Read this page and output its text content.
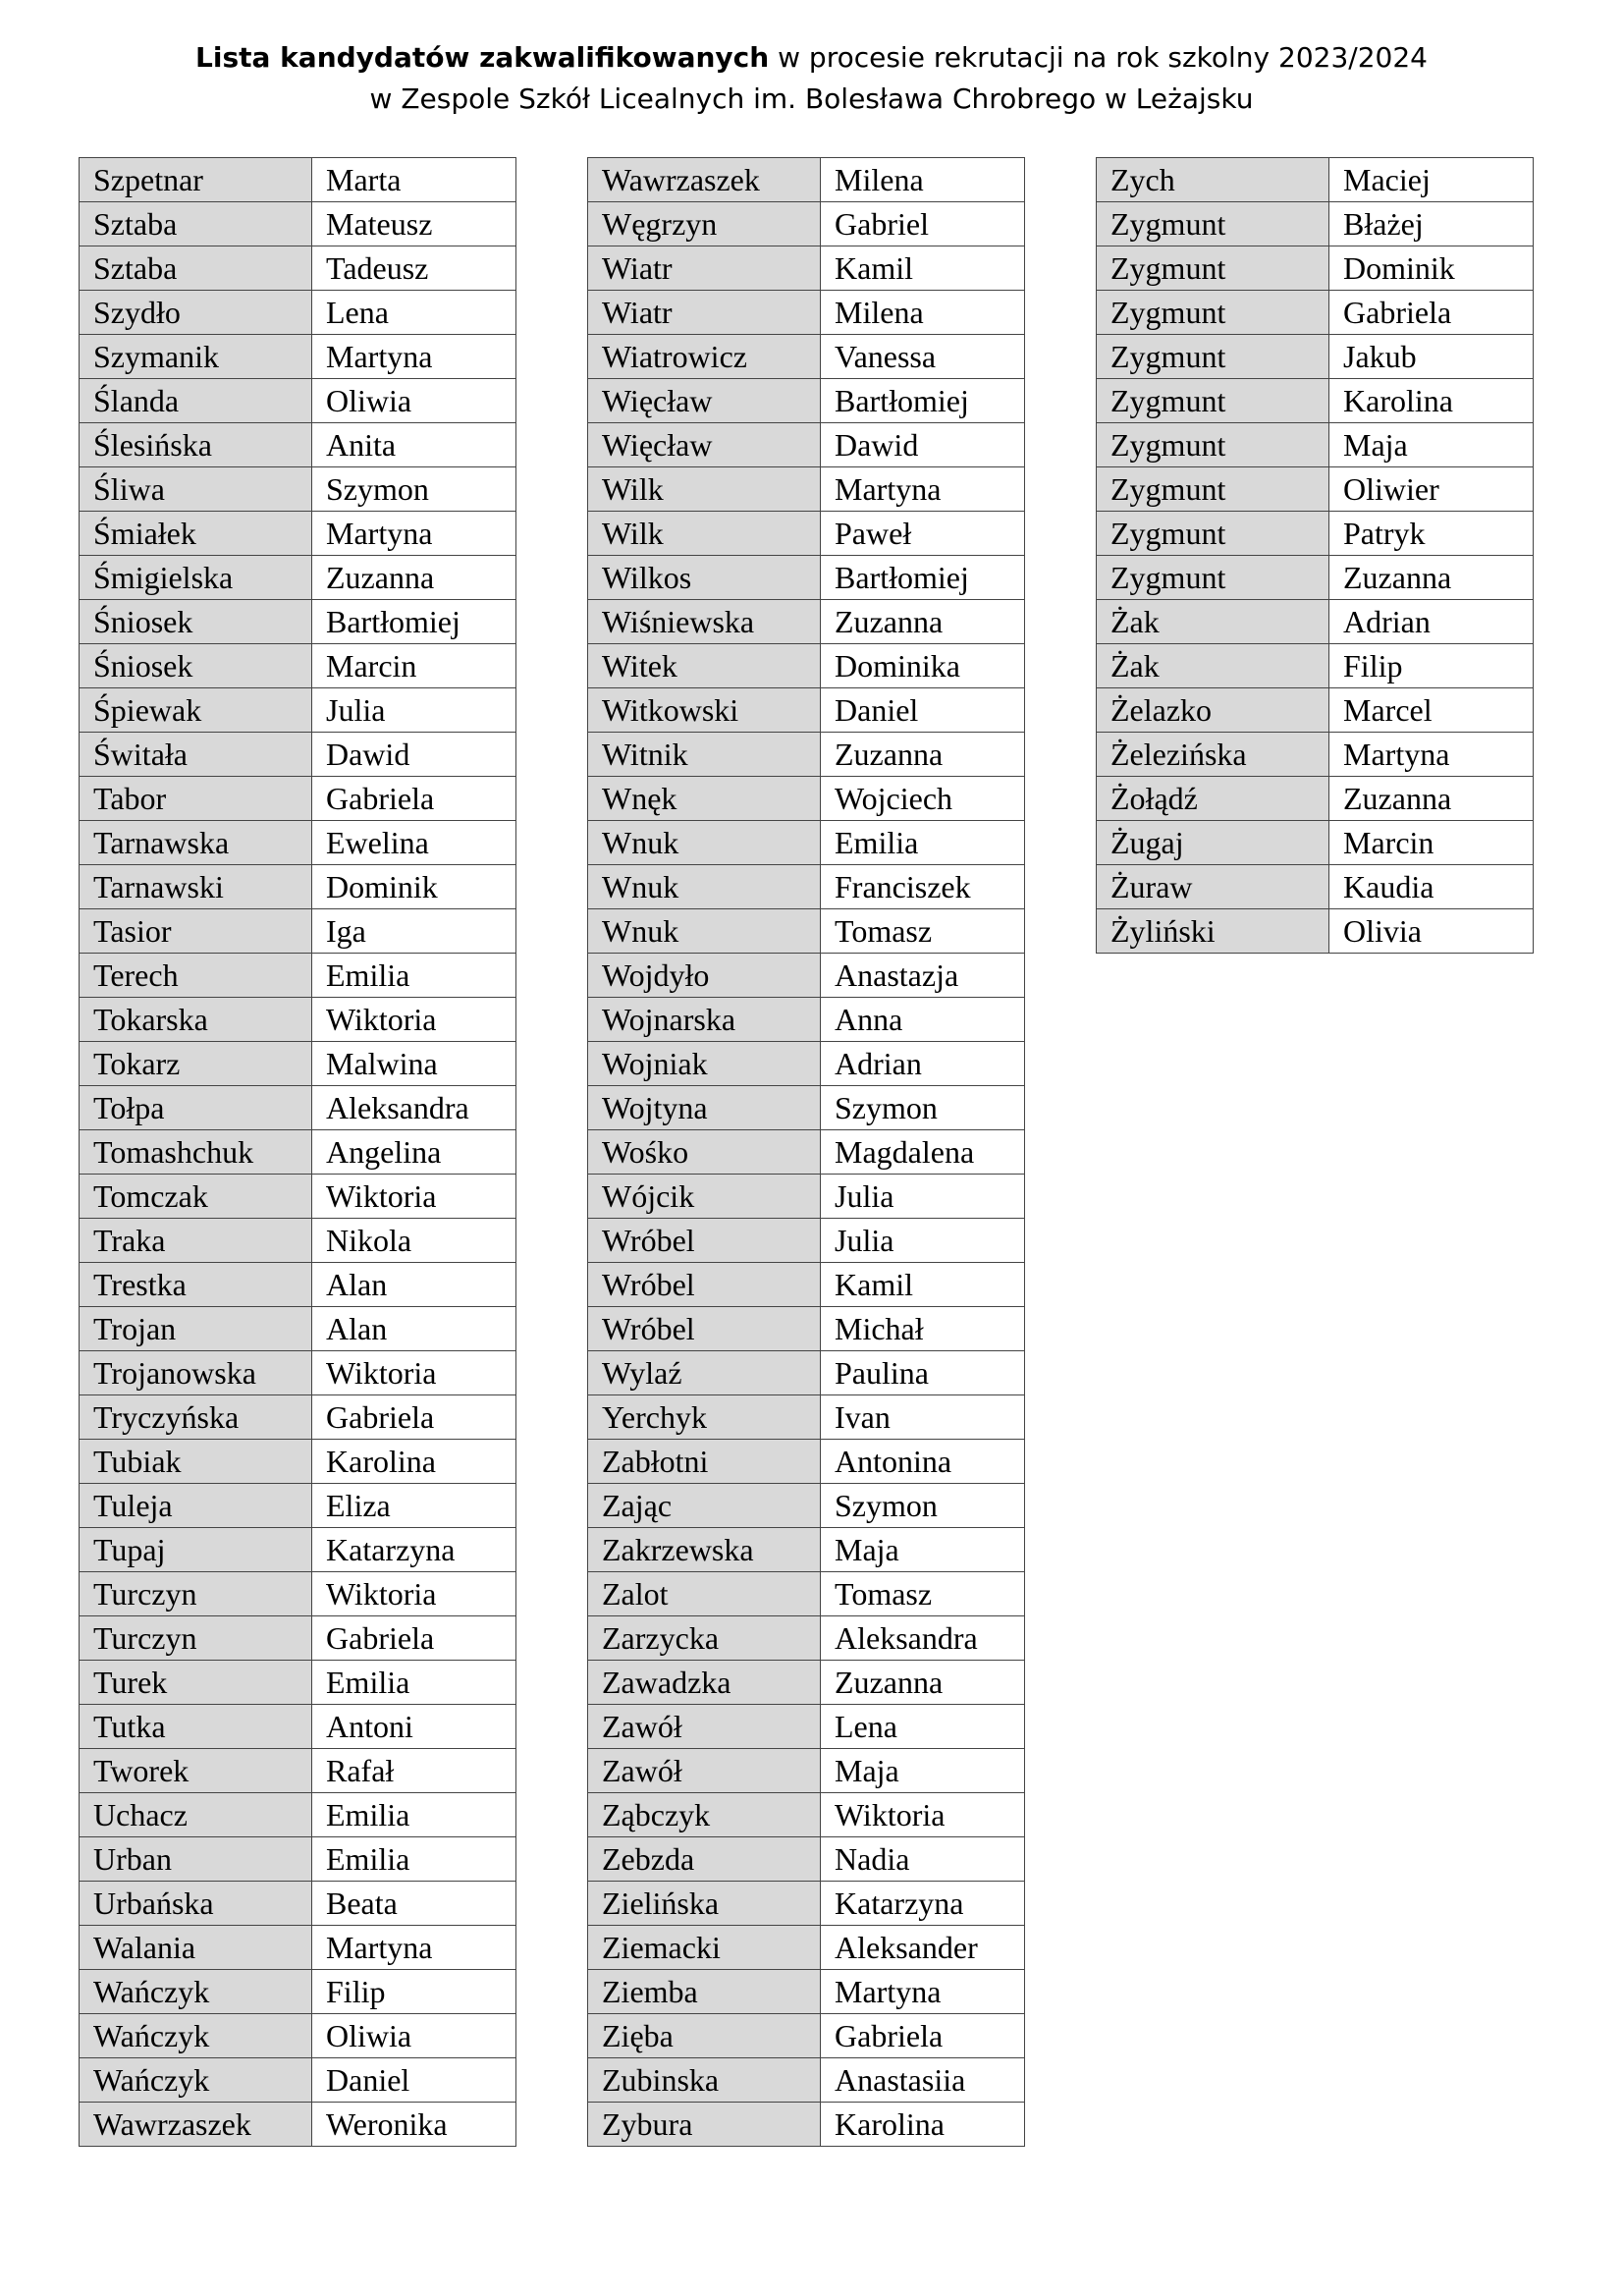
Lista kandydatów zakwalifikowanych w procesie rekrutacji na rok szkolny 2023/2024
w Zespole Szkół Licealnych im. Bolesława Chrobrego w Leżajsku
Szpetnar	Marta
Sztaba	Mateusz
Sztaba	Tadeusz
Szydło	Lena
Szymanik	Martyna
Ślanda	Oliwia
Ślesińska	Anita
Śliwa	Szymon
Śmiałek	Martyna
Śmigielska	Zuzanna
Śniosek	Bartłomiej
Śniosek	Marcin
Śpiewak	Julia
Świtała	Dawid
Tabor	Gabriela
Tarnawska	Ewelina
Tarnawski	Dominik
Tasior	Iga
Terech	Emilia
Tokarska	Wiktoria
Tokarz	Malwina
Tołpa	Aleksandra
Tomashchuk	Angelina
Tomczak	Wiktoria
Traka	Nikola
Trestka	Alan
Trojan	Alan
Trojanowska	Wiktoria
Tryczyńska	Gabriela
Tubiak	Karolina
Tuleja	Eliza
Tupaj	Katarzyna
Turczyn	Wiktoria
Turczyn	Gabriela
Turek	Emilia
Tutka	Antoni
Tworek	Rafał
Uchacz	Emilia
Urban	Emilia
Urbańska	Beata
Walania	Martyna
Wańczyk	Filip
Wańczyk	Oliwia
Wańczyk	Daniel
Wawrzaszek	Weronika
Wawrzaszek	Milena
Węgrzyn	Gabriel
Wiatr	Kamil
Wiatr	Milena
Wiatrowicz	Vanessa
Więcław	Bartłomiej
Więcław	Dawid
Wilk	Martyna
Wilk	Paweł
Wilkos	Bartłomiej
Wiśniewska	Zuzanna
Witek	Dominika
Witkowski	Daniel
Witnik	Zuzanna
Wnęk	Wojciech
Wnuk	Emilia
Wnuk	Franciszek
Wnuk	Tomasz
Wojdyło	Anastazja
Wojnarska	Anna
Wojniak	Adrian
Wojtyna	Szymon
Wośko	Magdalena
Wójcik	Julia
Wróbel	Julia
Wróbel	Kamil
Wróbel	Michał
Wylaź	Paulina
Yerchyk	Ivan
Zabłotni	Antonina
Zając	Szymon
Zakrzewska	Maja
Zalot	Tomasz
Zarzycka	Aleksandra
Zawadzka	Zuzanna
Zawół	Lena
Zawół	Maja
Ząbczyk	Wiktoria
Zebzda	Nadia
Zielińska	Katarzyna
Ziemacki	Aleksander
Ziemba	Martyna
Zięba	Gabriela
Zubinska	Anastasiia
Zybura	Karolina
Zych	Maciej
Zygmunt	Błażej
Zygmunt	Dominik
Zygmunt	Gabriela
Zygmunt	Jakub
Zygmunt	Karolina
Zygmunt	Maja
Zygmunt	Oliwier
Zygmunt	Patryk
Zygmunt	Zuzanna
Żak	Adrian
Żak	Filip
Żelazko	Marcel
Żelezińska	Martyna
Żołądź	Zuzanna
Żugaj	Marcin
Żuraw	Kaudia
Żyliński	Olivia
